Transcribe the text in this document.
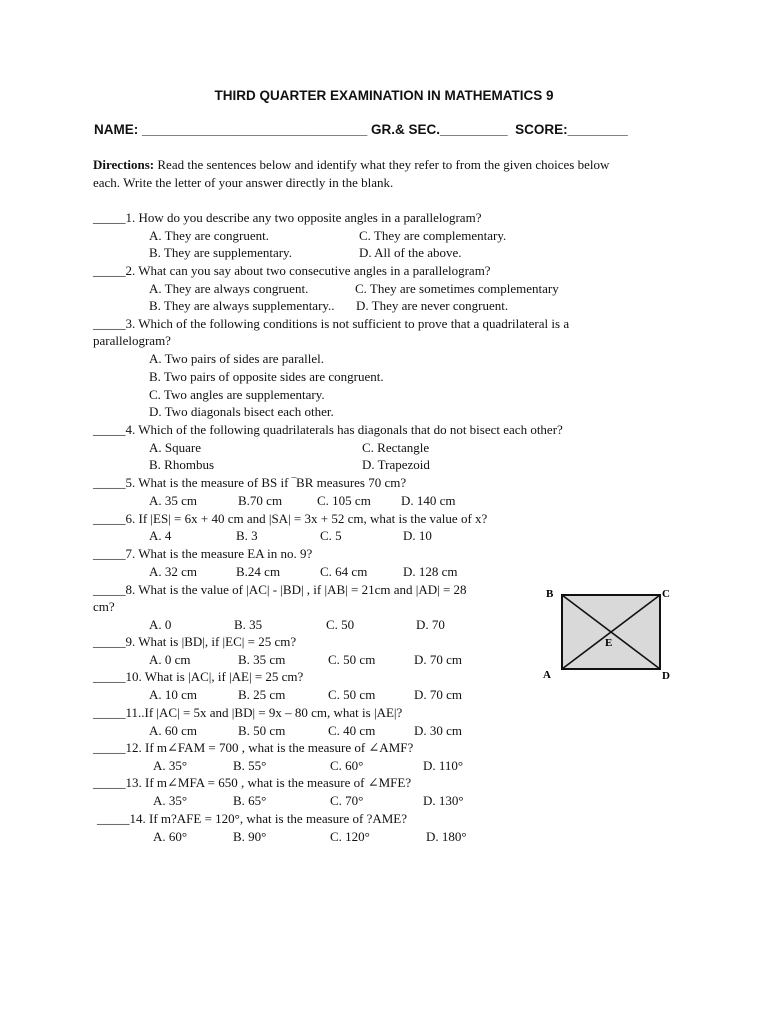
THIRD QUARTER EXAMINATION IN MATHEMATICS 9
NAME: ______________________________ GR.& SEC._________ SCORE:________
Directions: Read the sentences below and identify what they refer to from the given choices below
each. Write the letter of your answer directly in the blank.
_____1. How do you describe any two opposite angles in a parallelogram?
A. They are congruent.	C. They are complementary.
B. They are supplementary.	D. All of the above.
_____2. What can you say about two consecutive angles in a parallelogram?
A. They are always congruent.	C. They are sometimes complementary
B. They are always supplementary.. D. They are never congruent.
_____3. Which of the following conditions is not sufficient to prove that a quadrilateral is a
parallelogram?
A. Two pairs of sides are parallel.
B. Two pairs of opposite sides are congruent.
C. Two angles are supplementary.
D. Two diagonals bisect each other.
_____4. Which of the following quadrilaterals has diagonals that do not bisect each other?
A. Square	C. Rectangle
B. Rhombus	D. Trapezoid
_____5. What is the measure of BS if ‾BR measures 70 cm?
A. 35 cm	B.70 cm	C. 105 cm D. 140 cm
_____6. If |ES| = 6x + 40 cm and |SA| = 3x + 52 cm, what is the value of x?
A. 4	B. 3	C. 5	D. 10
_____7. What is the measure EA in no. 9?
A. 32 cm	B.24 cm	C. 64 cm	D. 128 cm
_____8. What is the value of |AC| - |BD| , if |AB| = 21cm and |AD| = 28
cm?
A. 0	B. 35	C. 50	D. 70
_____9. What is |BD|, if |EC| = 25 cm?
A. 0 cm	B. 35 cm	C. 50 cm	D. 70 cm
_____10. What is |AC|, if |AE| = 25 cm?
A. 10 cm	B. 25 cm	C. 50 cm	D. 70 cm
_____11..If |AC| = 5x and |BD| = 9x – 80 cm, what is |AE|?
A. 60 cm	B. 50 cm	C. 40 cm	D. 30 cm
_____12. If m∠FAM = 700 , what is the measure of ∠AMF?
A. 35°	B. 55°	C. 60°	D. 110°
_____13. If m∠MFA = 650 , what is the measure of ∠MFE?
A. 35°	B. 65°	C. 70°	D. 130°
_____14. If m?AFE = 120°, what is the measure of ?AME?
A. 60°	B. 90°	C. 120°	D. 180°
B	C
E
A	D
